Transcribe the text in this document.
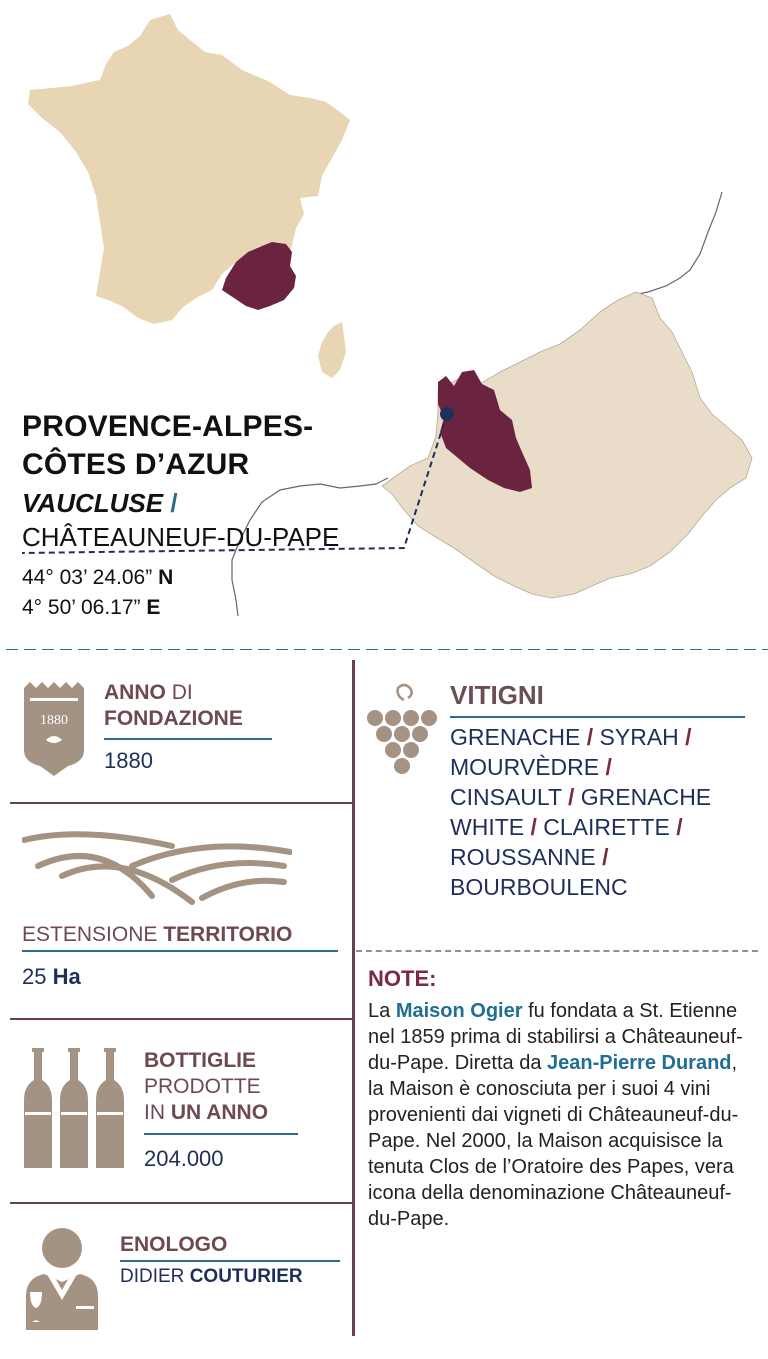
PROVENCE-ALPES-
CÔTES D’AZUR
VAUCLUSE /
CHÂTEAUNEUF-DU-PAPE
44° 03’ 24.06” N
4° 50’ 06.17” E
1880
ANNO DI
FONDAZIONE
1880
ESTENSIONE TERRITORIO
25 Ha
BOTTIGLIE
PRODOTTE
IN UN ANNO
204.000
ENOLOGO
DIDIER COUTURIER
VITIGNI
GRENACHE / SYRAH /
MOURVÈDRE /
CINSAULT / GRENACHE WHITE / CLAIRETTE /
ROUSSANNE /
BOURBOULENC
NOTE:
La Maison Ogier fu fondata a St. Etienne nel 1859 prima di stabilirsi a Châteauneuf-du-Pape. Diretta da Jean-Pierre Durand, la Maison è conosciuta per i suoi 4 vini provenienti dai vigneti di Châteauneuf-du-Pape. Nel 2000, la Maison acquisisce la tenuta Clos de l’Oratoire des Papes, vera icona della denominazione Châteauneuf-du-Pape.
